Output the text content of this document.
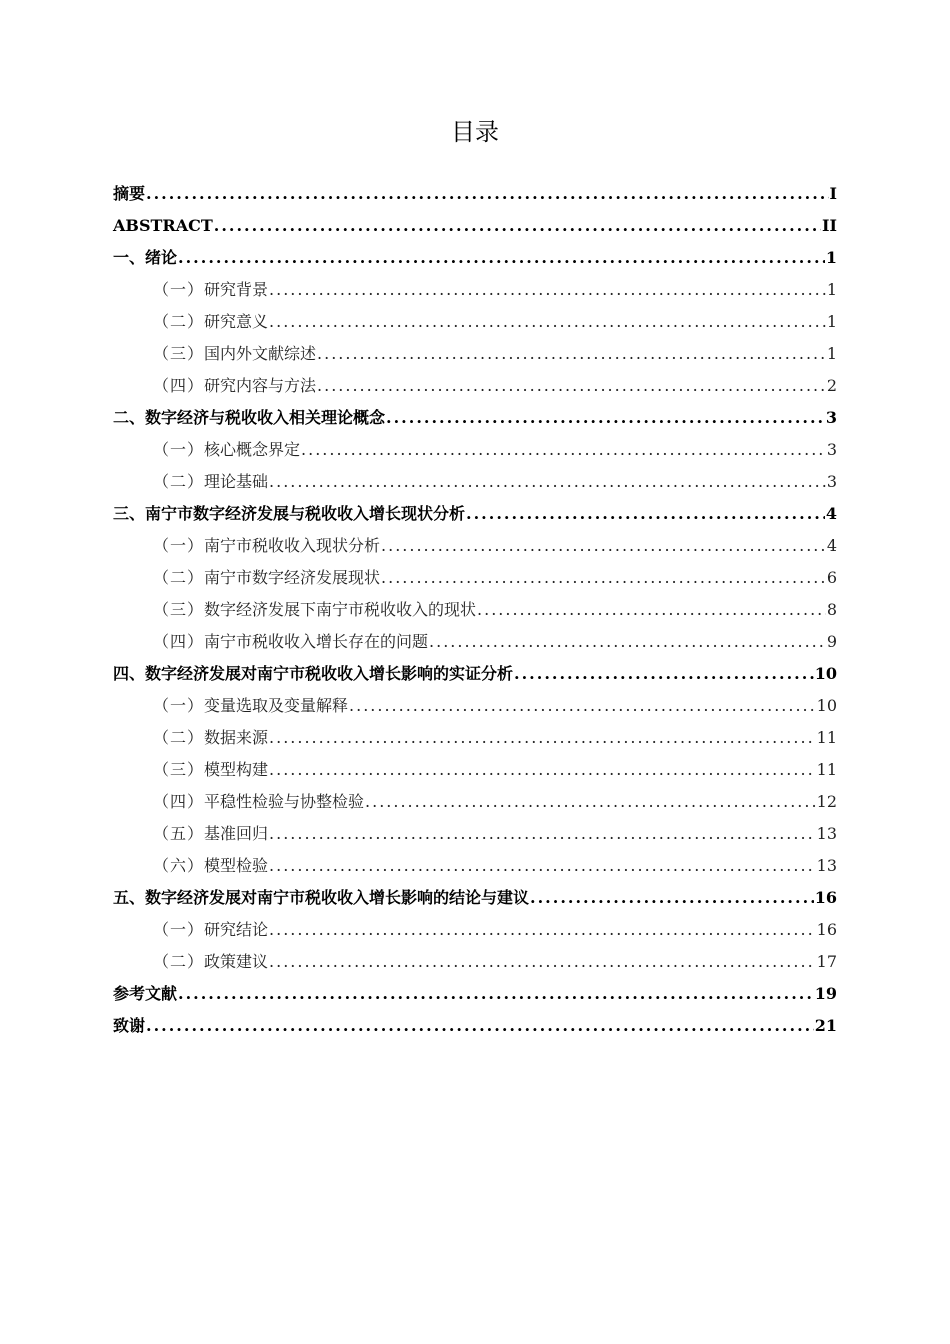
目录
摘要 .....	I
ABSTRACT .....	II
一、 绪论 .....	1
（一） 研究背景 .....	1
（二） 研究意义 .....	1
（三） 国内外文献综述 .....	1
（四） 研究内容与方法 .....	2
二、 数字经济与税收收入相关理论概念 .....	3
（一） 核心概念界定 .....	3
（二） 理论基础 .....	3
三、 南宁市数字经济发展与税收收入增长现状分析 .....	4
（一） 南宁市税收收入现状分析 .....	4
（二） 南宁市数字经济发展现状 .....	6
（三） 数字经济发展下南宁市税收收入的现状 .....	8
（四） 南宁市税收收入增长存在的问题 .....	9
四、 数字经济发展对南宁市税收收入增长影响的实证分析 .....	10
（一） 变量选取及变量解释 .....	10
（二） 数据来源 .....	11
（三） 模型构建 .....	11
（四） 平稳性检验与协整检验 .....	12
（五） 基准回归 .....	13
（六） 模型检验 .....	13
五、 数字经济发展对南宁市税收收入增长影响的结论与建议 .....	16
（一） 研究结论 .....	16
（二） 政策建议 .....	17
参考文献 .....	19
致谢 .....	21
